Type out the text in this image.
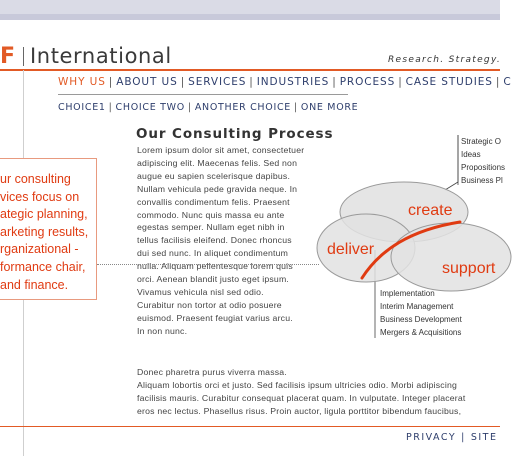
F International	Research. Strategy.
WHY US | ABOUT US | SERVICES | INDUSTRIES | PROCESS | CASE STUDIES | C
CHOICE1 | CHOICE TWO | ANOTHER CHOICE | ONE MORE

ur consulting
vices focus on
ategic planning,
arketing results,
rganizational -
formance chair,
and finance.

Our Consulting Process

Lorem ipsum dolor sit amet, consectetuer

adipiscing elit. Maecenas felis. Sed non

augue eu sapien scelerisque dapibus.

Nullam vehicula pede gravida neque. In

convallis condimentum felis. Praesent

commodo. Nunc quis massa eu ante

egestas semper. Nullam eget nibh in

tellus facilisis eleifend. Donec rhoncus

dui sed nunc. In aliquet condimentum

nulla. Aliquam pellentesque lorem quis

orci. Aenean blandit justo eget ipsum.

Vivamus vehicula nisl sed odio.

Curabitur non tortor at odio posuere

euismod. Praesent feugiat varius arcu.

In non nunc.

create
deliver
support
Strategic O
Ideas
Propositions
Business Pl
Implementation
Interim Management
Business Development
Mergers & Acquisitions

Donec pharetra purus viverra massa.

Aliquam lobortis orci et justo. Sed facilisis ipsum ultricies odio. Morbi adipiscing

facilisis mauris. Curabitur consequat placerat quam. In vulputate. Integer placerat

eros nec lectus. Phasellus risus. Proin auctor, ligula porttitor bibendum faucibus,

PRIVACY | SITE
